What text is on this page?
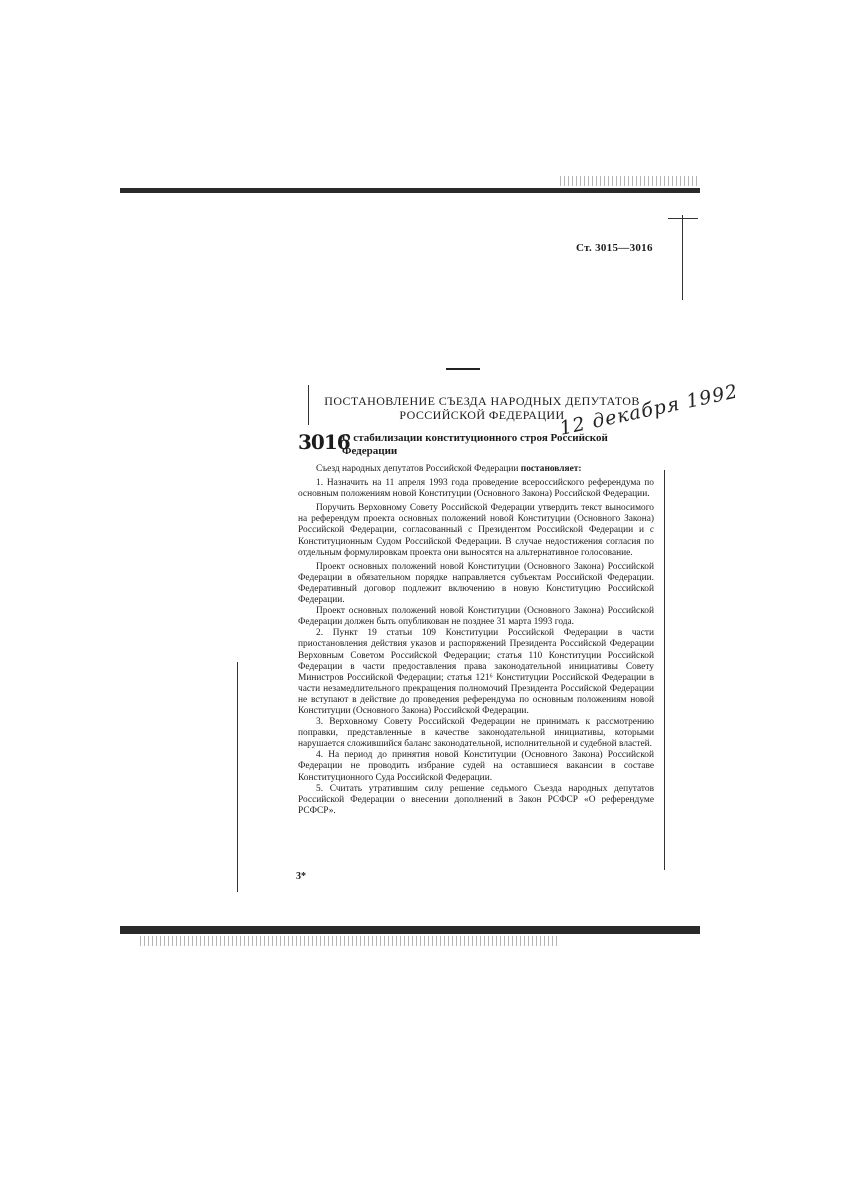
Ст. 3015—3016
ПОСТАНОВЛЕНИЕ СЪЕЗДА НАРОДНЫХ ДЕПУТАТОВ
РОССИЙСКОЙ ФЕДЕРАЦИИ
12 декабря 1992
3016
О стабилизации конституционного строя Российской Федерации

Съезд народных депутатов Российской Федерации постановляет:

1. Назначить на 11 апреля 1993 года проведение всероссийского референдума по основным положениям новой Конституции (Основного Закона) Российской Федерации.

Поручить Верховному Совету Российской Федерации утвердить текст выносимого на референдум проекта основных положений новой Конституции (Основного Закона) Российской Федерации, согласованный с Президентом Российской Федерации и с Конституционным Судом Российской Федерации. В случае недостижения согласия по отдельным формулировкам проекта они выносятся на альтернативное голосование.

Проект основных положений новой Конституции (Основного Закона) Российской Федерации в обязательном порядке направляется субъектам Российской Федерации. Федеративный договор подлежит включению в новую Конституцию Российской Федерации.

Проект основных положений новой Конституции (Основного Закона) Российской Федерации должен быть опубликован не позднее 31 марта 1993 года.

2. Пункт 19 статьи 109 Конституции Российской Федерации в части приостановления действия указов и распоряжений Президента Российской Федерации Верховным Советом Российской Федерации; статья 110 Конституции Российской Федерации в части предоставления права законодательной инициативы Совету Министров Российской Федерации; статья 121⁶ Конституции Российской Федерации в части незамедлительного прекращения полномочий Президента Российской Федерации не вступают в действие до проведения референдума по основным положениям новой Конституции (Основного Закона) Российской Федерации.

3. Верховному Совету Российской Федерации не принимать к рассмотрению поправки, представленные в качестве законодательной инициативы, которыми нарушается сложившийся баланс законодательной, исполнительной и судебной властей.

4. На период до принятия новой Конституции (Основного Закона) Российской Федерации не проводить избрание судей на оставшиеся вакансии в составе Конституционного Суда Российской Федерации.

5. Считать утратившим силу решение седьмого Съезда народных депутатов Российской Федерации о внесении дополнений в Закон РСФСР «О референдуме РСФСР».

3*
